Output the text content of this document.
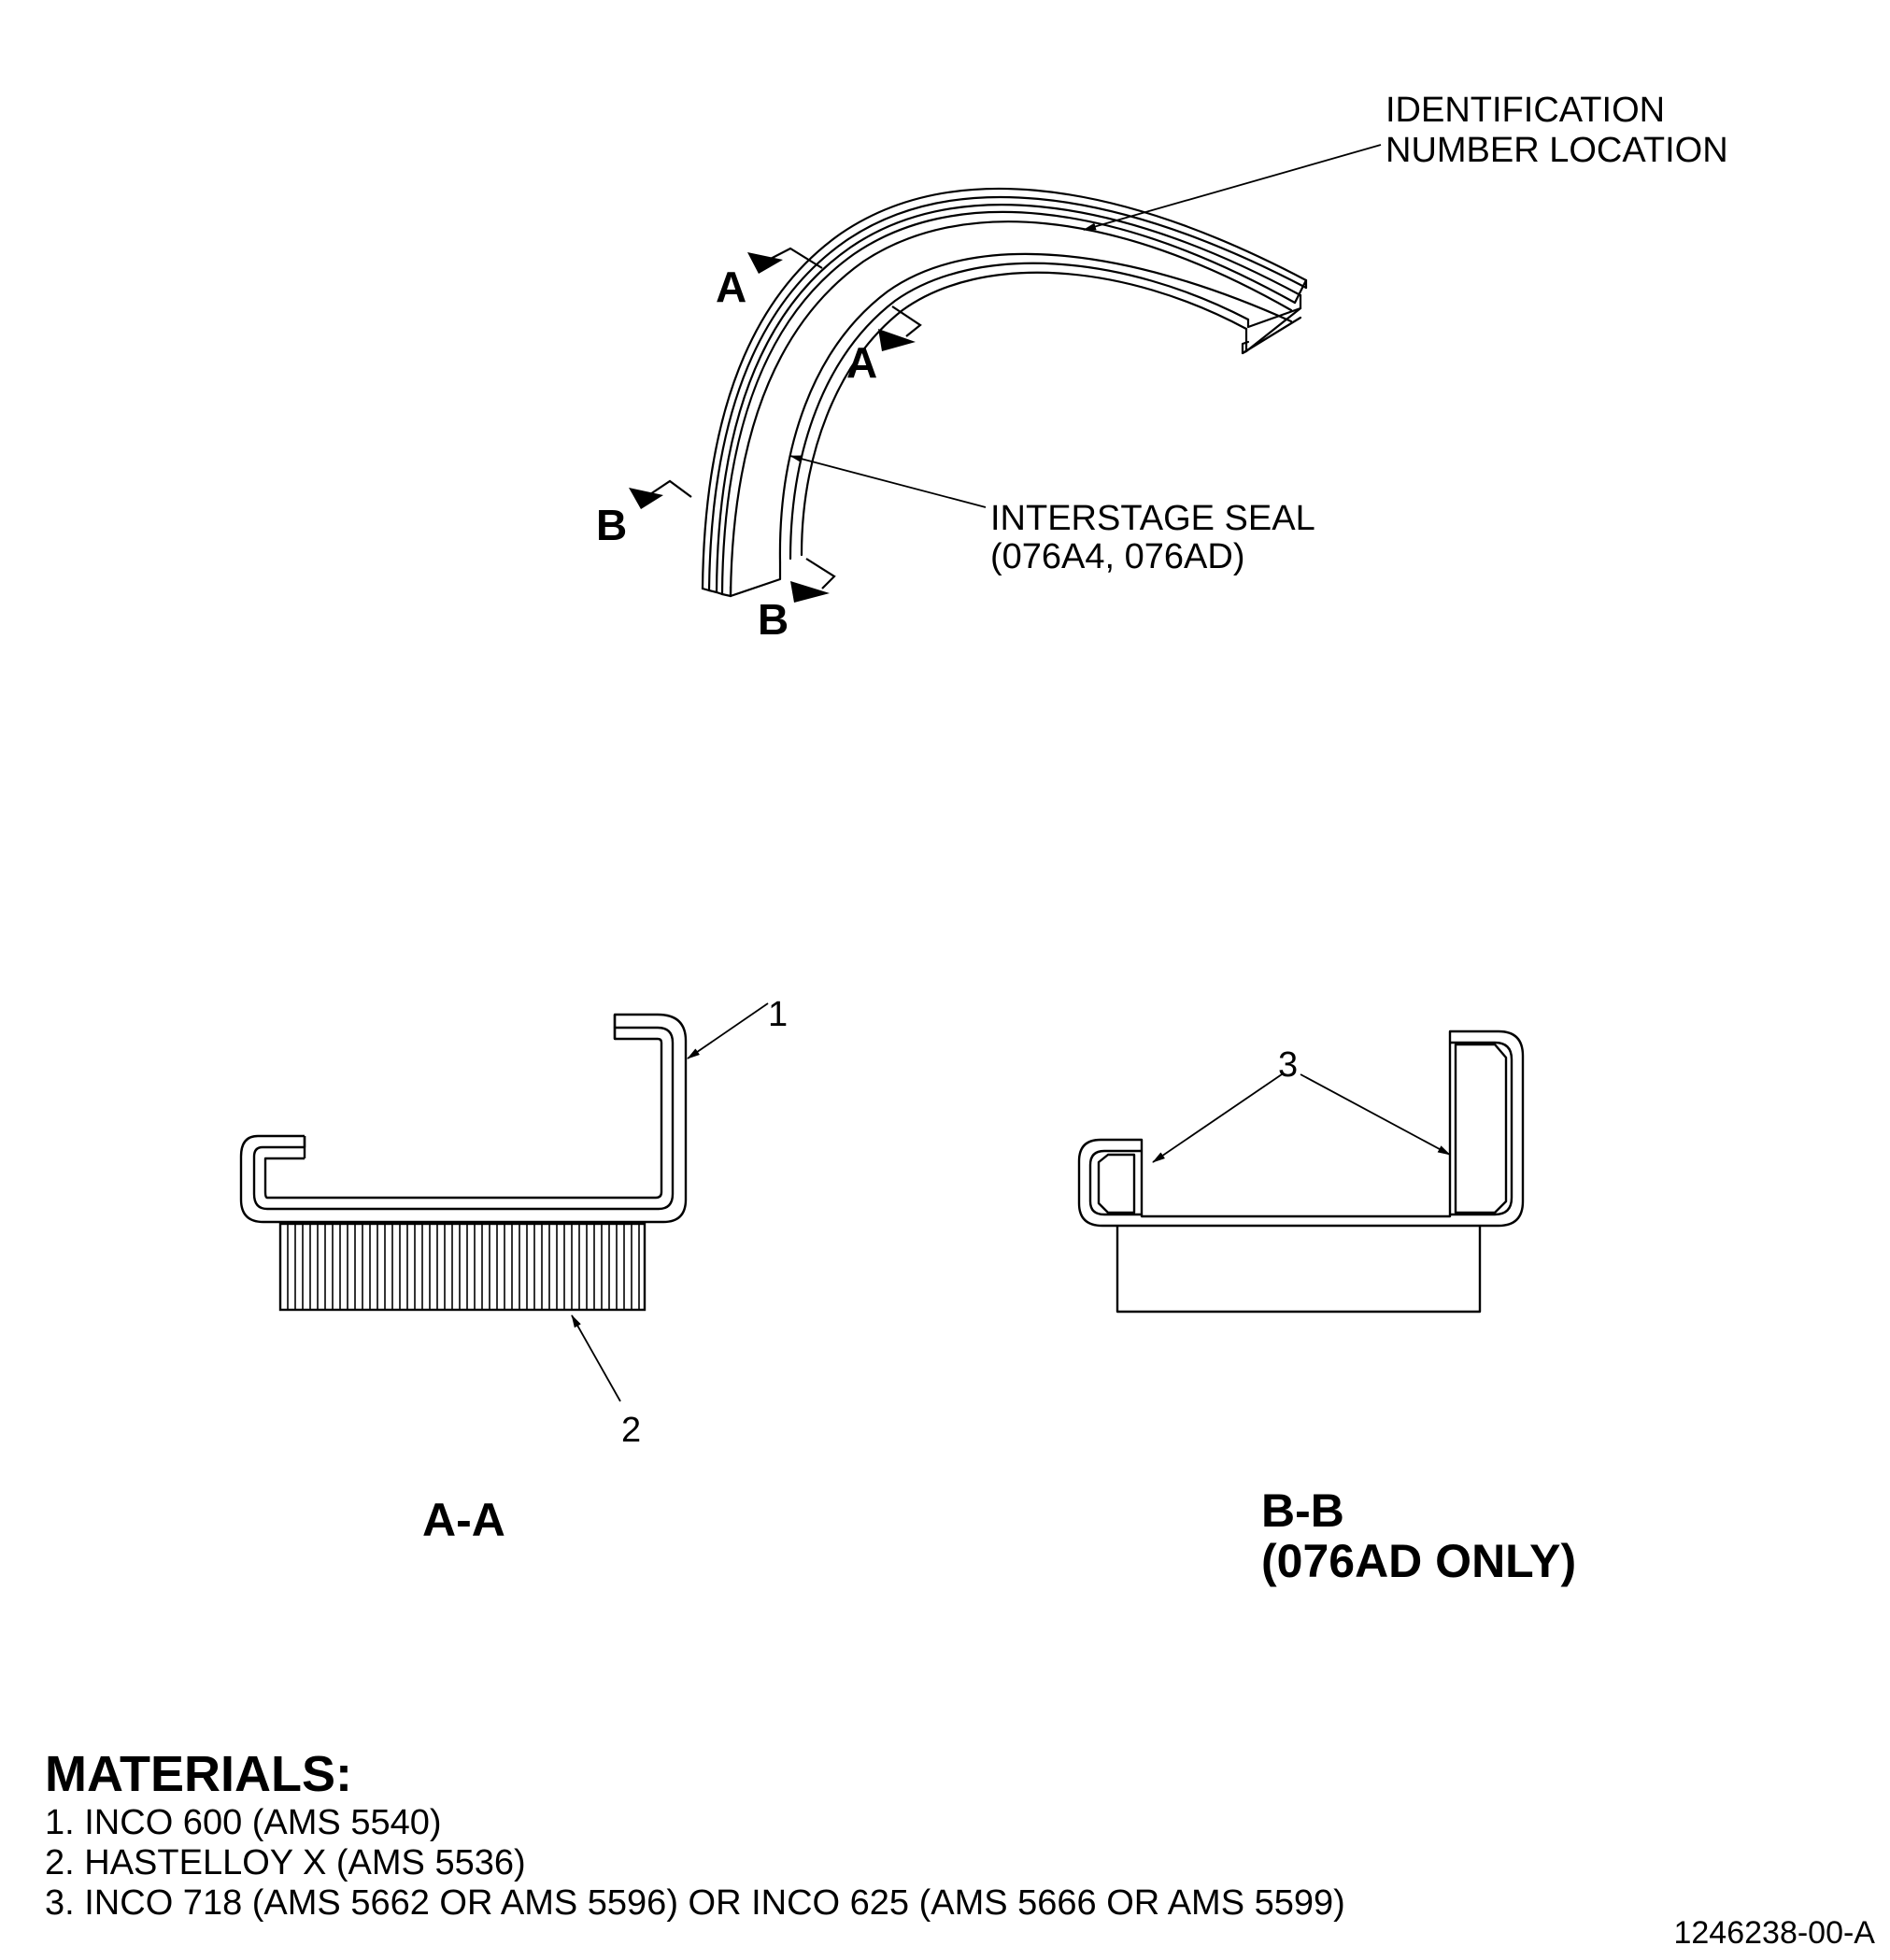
A
A
B
B
IDENTIFICATION
NUMBER LOCATION
INTERSTAGE SEAL
(076A4, 076AD)
1
2
A-A
3
B-B
(076AD ONLY)
MATERIALS:
1. INCO 600 (AMS 5540)
2. HASTELLOY X (AMS 5536)
3. INCO 718 (AMS 5662 OR AMS 5596) OR INCO 625 (AMS 5666 OR AMS 5599)
1246238-00-A
